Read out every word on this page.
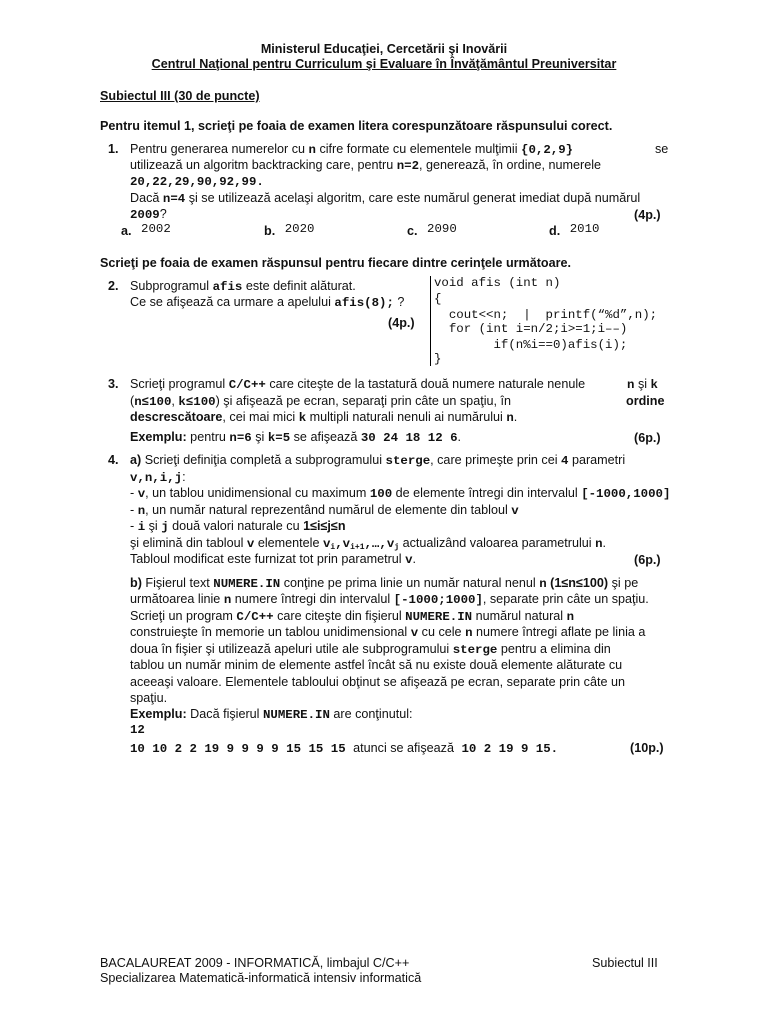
Ministerul Educaţiei, Cercetării şi Inovării
Centrul Naţional pentru Curriculum şi Evaluare în Învăţământul Preuniversitar
Subiectul III (30 de puncte)
Pentru itemul 1, scrieţi pe foaia de examen litera corespunzătoare răspunsului corect.
1. Pentru generarea numerelor cu n cifre formate cu elementele mulţimii {0,2,9}	se
utilizează un algoritm backtracking care, pentru n=2, generează, în ordine, numerele
20,22,29,90,92,99.
Dacă n=4 şi se utilizează acelaşi algoritm, care este numărul generat imediat după numărul
2009?	(4p.)
a. 2002	b. 2020	c. 2090	d. 2010
Scrieţi pe foaia de examen răspunsul pentru fiecare dintre cerinţele următoare.
2. Subprogramul afis este definit alăturat.
Ce se afişează ca urmare a apelului afis(8); ?
(4p.)
void afis (int n)
{
cout<<n;  |  printf(“%d”,n);
for (int i=n/2;i>=1;i––)
if(n%i==0)afis(i);
}
3. Scrieţi programul C/C++ care citeşte de la tastatură două numere naturale nenule	n şi k
(n≤100, k≤100) şi afişează pe ecran, separaţi prin câte un spaţiu, în	ordine
descrescătoare, cei mai mici k multipli naturali nenuli ai numărului n.
Exemplu: pentru n=6 şi k=5 se afişează 30 24 18 12 6.	(6p.)
4. a) Scrieţi definiţia completă a subprogramului sterge, care primeşte prin cei 4 parametri
v,n,i,j:
- v, un tablou unidimensional cu maximum 100 de elemente întregi din intervalul [-1000,1000]
- n, un număr natural reprezentând numărul de elemente din tabloul v
- i şi j două valori naturale cu 1≤i≤j≤n
şi elimină din tabloul v elementele $v_i,v_{i+1},\dots,v_j$ actualizând valoarea parametrului n.
Tabloul modificat este furnizat tot prin parametrul v.	(6p.)
b) Fişierul text NUMERE.IN conţine pe prima linie un număr natural nenul n (1≤n≤100) şi pe
următoarea linie n numere întregi din intervalul [-1000;1000], separate prin câte un spaţiu.
Scrieţi un program C/C++ care citeşte din fişierul NUMERE.IN numărul natural n
construieşte în memorie un tablou unidimensional v cu cele n numere întregi aflate pe linia a
doua în fişier şi utilizează apeluri utile ale subprogramului sterge pentru a elimina din
tablou un număr minim de elemente astfel încât să nu existe două elemente alăturate cu
aceeaşi valoare. Elementele tabloului obţinut se afişează pe ecran, separate prin câte un
spaţiu.
Exemplu: Dacă fişierul NUMERE.IN are conţinutul:
12
10 10 2 2 19 9 9 9 9 15 15 15 atunci se afişează 10 2 19 9 15.	(10p.)
BACALAUREAT 2009 - INFORMATICĂ, limbajul C/C++
Specializarea Matematică-informatică intensiv informatică
Subiectul III
